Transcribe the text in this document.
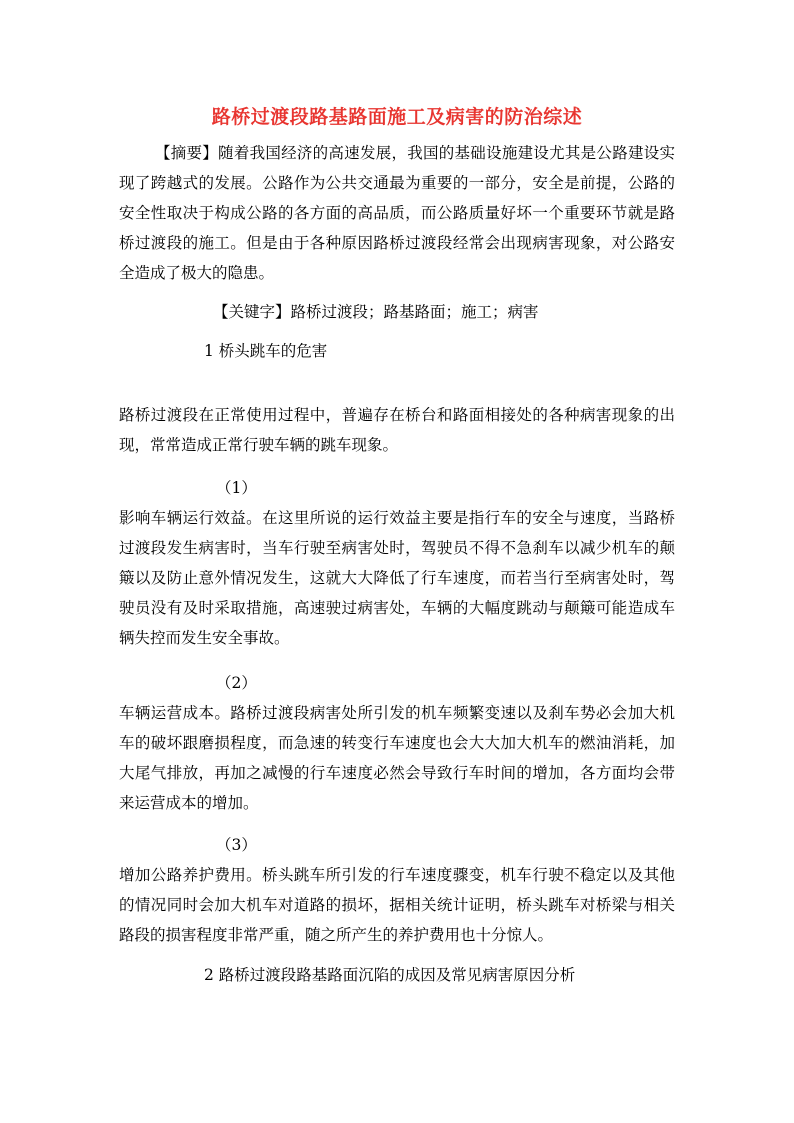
路桥过渡段路基路面施工及病害的防治综述
【摘要】随着我国经济的高速发展，我国的基础设施建设尤其是公路建设实现了跨越式的发展。公路作为公共交通最为重要的一部分，安全是前提，公路的安全性取决于构成公路的各方面的高品质，而公路质量好坏一个重要环节就是路桥过渡段的施工。但是由于各种原因路桥过渡段经常会出现病害现象，对公路安全造成了极大的隐患。
【关键字】路桥过渡段；路基路面；施工；病害
1 桥头跳车的危害
路桥过渡段在正常使用过程中，普遍存在桥台和路面相接处的各种病害现象的出现，常常造成正常行驶车辆的跳车现象。
（1）
影响车辆运行效益。在这里所说的运行效益主要是指行车的安全与速度，当路桥过渡段发生病害时，当车行驶至病害处时，驾驶员不得不急刹车以减少机车的颠簸以及防止意外情况发生，这就大大降低了行车速度，而若当行至病害处时，驾驶员没有及时采取措施，高速驶过病害处，车辆的大幅度跳动与颠簸可能造成车辆失控而发生安全事故。
（2）
车辆运营成本。路桥过渡段病害处所引发的机车频繁变速以及刹车势必会加大机车的破坏跟磨损程度，而急速的转变行车速度也会大大加大机车的燃油消耗，加大尾气排放，再加之减慢的行车速度必然会导致行车时间的增加，各方面均会带来运营成本的增加。
（3）
增加公路养护费用。桥头跳车所引发的行车速度骤变，机车行驶不稳定以及其他的情况同时会加大机车对道路的损坏，据相关统计证明，桥头跳车对桥梁与相关路段的损害程度非常严重，随之所产生的养护费用也十分惊人。
2 路桥过渡段路基路面沉陷的成因及常见病害原因分析
